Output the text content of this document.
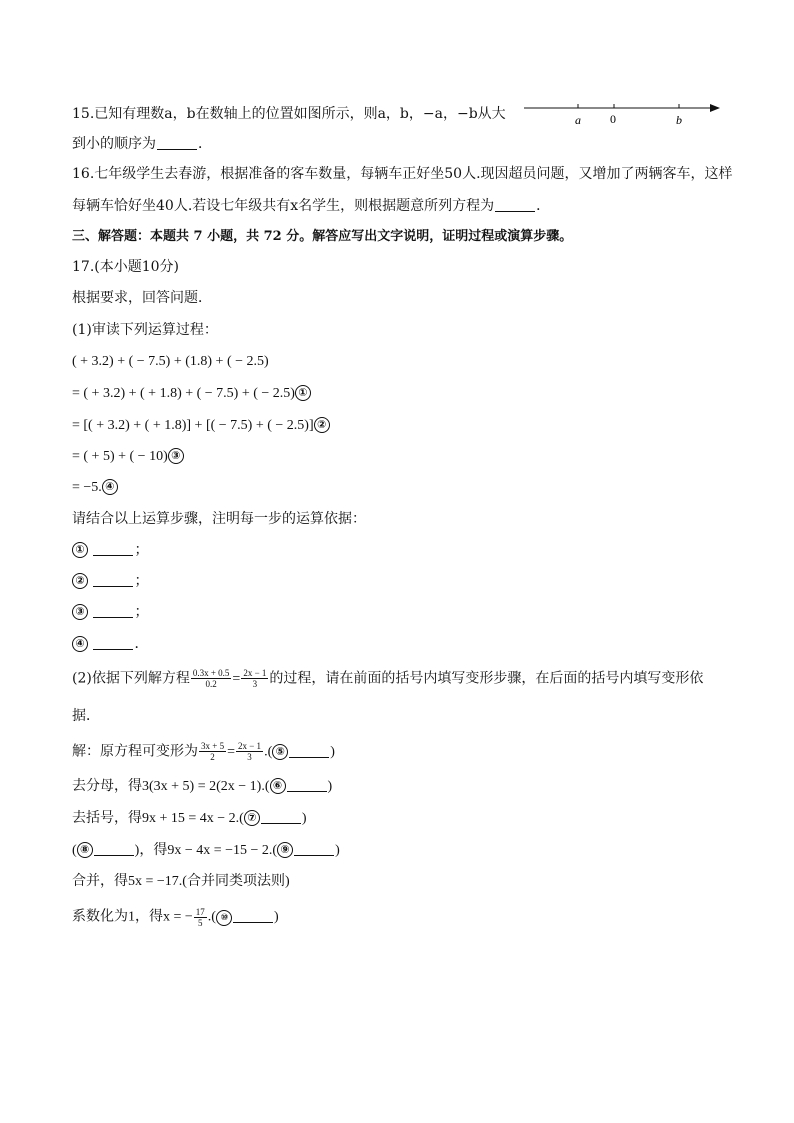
15.已知有理数a，b在数轴上的位置如图所示，则a，b，−a，−b从大	a 0	b
到小的顺序为	．
16.七年级学生去春游，根据准备的客车数量，每辆车正好坐50人.现因超员问题，又增加了两辆客车，这样
每辆车恰好坐40人.若设七年级共有x名学生，则根据题意所列方程为	．
三、解答题：本题共 7 小题，共 72 分。解答应写出文字说明，证明过程或演算步骤。
17.(本小题10分)
根据要求，回答问题．
(1)审读下列运算过程：
( + 3.2) + ( − 7.5) + (1.8) + ( − 2.5)
= ( + 3.2) + ( + 1.8) + ( − 7.5) + ( − 2.5) ①
= [( + 3.2) + ( + 1.8)] + [( − 7.5) + ( − 2.5)] ②
= ( + 5) + ( − 10) ③
= −5. ④
请结合以上运算步骤，注明每一步的运算依据：
①	；
②	；
③	；
④	．
(2)依据下列解方程 $\frac{0.3x + 0.5}{0.2} = \frac{2x - 1}{3}$ 的过程，请在前面的括号内填写变形步骤，在后面的括号内填写变形依
据．
解：原方程可变形为 $\frac{3x + 5}{2} = \frac{2x - 1}{3}$ .( ⑤	)
去分母，得3(3x + 5) = 2(2x − 1).( ⑥	)
去括号，得9x + 15 = 4x − 2.( ⑦	)
( ⑧	)，得9x − 4x = −15 − 2.( ⑨	)
合并，得5x = −17.(合并同类项法则)
系数化为1，得x = − $\frac{17}{5}$ .( ⑩	)
